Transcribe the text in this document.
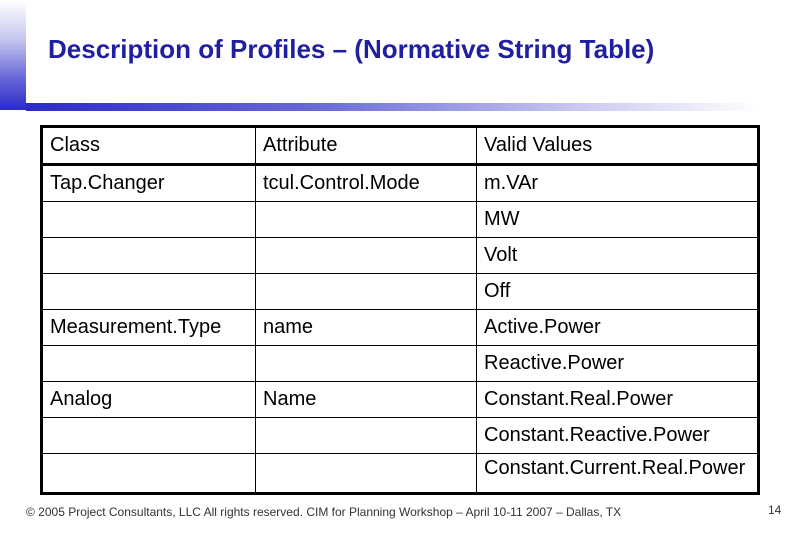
Description of Profiles – (Normative String Table)
Class	Attribute	Valid Values
Tap.Changer	tcul.Control.Mode	m.VAr
		MW
		Volt
		Off
Measurement.Type	name	Active.Power
		Reactive.Power
Analog	Name	Constant.Real.Power
		Constant.Reactive.Power
		Constant.Current.Real.Power
© 2005 Project Consultants, LLC All rights reserved. CIM for Planning Workshop – April 10-11 2007 – Dallas, TX	14
